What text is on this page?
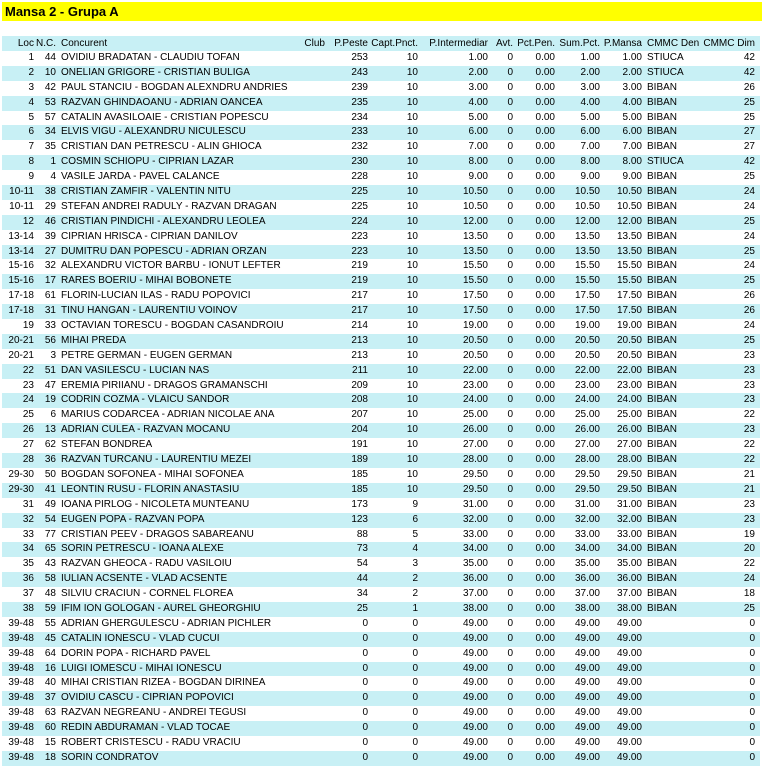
Mansa 2 - Grupa A
Loc N.C. Concurent	Club P.Peste Capt.Pnct.	P.Intermediar Avt. Pct.Pen. Sum.Pct. P.Mansa CMMC Den CMMC Dim
1	44 OVIDIU BRADATAN - CLAUDIU TOFAN	253	10	1.00	0	0.00	1.00	1.00 STIUCA	42
2	10 ONELIAN GRIGORE - CRISTIAN BULIGA	243	10	2.00	0	0.00	2.00	2.00 STIUCA	42
3	42 PAUL STANCIU - BOGDAN ALEXNDRU ANDRIES	239	10	3.00	0	0.00	3.00	3.00 BIBAN	26
4	53 RAZVAN GHINDAOANU - ADRIAN OANCEA	235	10	4.00	0	0.00	4.00	4.00 BIBAN	25
5	57 CATALIN AVASILOAIE - CRISTIAN POPESCU	234	10	5.00	0	0.00	5.00	5.00 BIBAN	25
6	34 ELVIS VIGU - ALEXANDRU NICULESCU	233	10	6.00	0	0.00	6.00	6.00 BIBAN	27
7	35 CRISTIAN DAN PETRESCU - ALIN GHIOCA	232	10	7.00	0	0.00	7.00	7.00 BIBAN	27
8	1 COSMIN SCHIOPU - CIPRIAN LAZAR	230	10	8.00	0	0.00	8.00	8.00 STIUCA	42
9	4 VASILE JARDA - PAVEL CALANCE	228	10	9.00	0	0.00	9.00	9.00 BIBAN	25
10-11	38 CRISTIAN ZAMFIR - VALENTIN NITU	225	10	10.50	0	0.00	10.50	10.50 BIBAN	24
10-11	29 STEFAN ANDREI RADULY - RAZVAN DRAGAN	225	10	10.50	0	0.00	10.50	10.50 BIBAN	24
12	46 CRISTIAN PINDICHI - ALEXANDRU LEOLEA	224	10	12.00	0	0.00	12.00	12.00 BIBAN	25
13-14	39 CIPRIAN HRISCA - CIPRIAN DANILOV	223	10	13.50	0	0.00	13.50	13.50 BIBAN	24
13-14	27 DUMITRU DAN POPESCU - ADRIAN ORZAN	223	10	13.50	0	0.00	13.50	13.50 BIBAN	25
15-16	32 ALEXANDRU VICTOR BARBU - IONUT LEFTER	219	10	15.50	0	0.00	15.50	15.50 BIBAN	24
15-16	17 RARES BOERIU - MIHAI BOBONETE	219	10	15.50	0	0.00	15.50	15.50 BIBAN	25
17-18	61 FLORIN-LUCIAN ILAS - RADU POPOVICI	217	10	17.50	0	0.00	17.50	17.50 BIBAN	26
17-18	31 TINU HANGAN - LAURENTIU VOINOV	217	10	17.50	0	0.00	17.50	17.50 BIBAN	26
19	33 OCTAVIAN TORESCU - BOGDAN CASANDROIU	214	10	19.00	0	0.00	19.00	19.00 BIBAN	24
20-21	56 MIHAI PREDA	213	10	20.50	0	0.00	20.50	20.50 BIBAN	25
20-21	3 PETRE GERMAN - EUGEN GERMAN	213	10	20.50	0	0.00	20.50	20.50 BIBAN	23
22	51 DAN VASILESCU - LUCIAN NAS	211	10	22.00	0	0.00	22.00	22.00 BIBAN	23
23	47 EREMIA PIRIIANU - DRAGOS GRAMANSCHI	209	10	23.00	0	0.00	23.00	23.00 BIBAN	23
24	19 CODRIN COZMA - VLAICU SANDOR	208	10	24.00	0	0.00	24.00	24.00 BIBAN	23
25	6 MARIUS CODARCEA - ADRIAN NICOLAE ANA	207	10	25.00	0	0.00	25.00	25.00 BIBAN	22
26	13 ADRIAN CULEA - RAZVAN MOCANU	204	10	26.00	0	0.00	26.00	26.00 BIBAN	23
27	62 STEFAN BONDREA	191	10	27.00	0	0.00	27.00	27.00 BIBAN	22
28	36 RAZVAN TURCANU - LAURENTIU MEZEI	189	10	28.00	0	0.00	28.00	28.00 BIBAN	22
29-30	50 BOGDAN SOFONEA - MIHAI SOFONEA	185	10	29.50	0	0.00	29.50	29.50 BIBAN	21
29-30	41 LEONTIN RUSU - FLORIN ANASTASIU	185	10	29.50	0	0.00	29.50	29.50 BIBAN	21
31	49 IOANA PIRLOG - NICOLETA MUNTEANU	173	9	31.00	0	0.00	31.00	31.00 BIBAN	23
32	54 EUGEN POPA - RAZVAN POPA	123	6	32.00	0	0.00	32.00	32.00 BIBAN	23
33	77 CRISTIAN PEEV - DRAGOS SABAREANU	88	5	33.00	0	0.00	33.00	33.00 BIBAN	19
34	65 SORIN PETRESCU - IOANA ALEXE	73	4	34.00	0	0.00	34.00	34.00 BIBAN	20
35	43 RAZVAN GHEOCA - RADU VASILOIU	54	3	35.00	0	0.00	35.00	35.00 BIBAN	22
36	58 IULIAN ACSENTE - VLAD ACSENTE	44	2	36.00	0	0.00	36.00	36.00 BIBAN	24
37	48 SILVIU CRACIUN - CORNEL FLOREA	34	2	37.00	0	0.00	37.00	37.00 BIBAN	18
38	59 IFIM ION GOLOGAN - AUREL GHEORGHIU	25	1	38.00	0	0.00	38.00	38.00 BIBAN	25
39-48	55 ADRIAN GHERGULESCU - ADRIAN PICHLER	0	0	49.00	0	0.00	49.00	49.00	0
39-48	45 CATALIN IONESCU - VLAD CUCUI	0	0	49.00	0	0.00	49.00	49.00	0
39-48	64 DORIN POPA - RICHARD PAVEL	0	0	49.00	0	0.00	49.00	49.00	0
39-48	16 LUIGI IOMESCU - MIHAI IONESCU	0	0	49.00	0	0.00	49.00	49.00	0
39-48	40 MIHAI CRISTIAN RIZEA - BOGDAN DIRINEA	0	0	49.00	0	0.00	49.00	49.00	0
39-48	37 OVIDIU CASCU - CIPRIAN POPOVICI	0	0	49.00	0	0.00	49.00	49.00	0
39-48	63 RAZVAN NEGREANU - ANDREI TEGUSI	0	0	49.00	0	0.00	49.00	49.00	0
39-48	60 REDIN ABDURAMAN - VLAD TOCAE	0	0	49.00	0	0.00	49.00	49.00	0
39-48	15 ROBERT CRISTESCU - RADU VRACIU	0	0	49.00	0	0.00	49.00	49.00	0
39-48	18 SORIN CONDRATOV	0	0	49.00	0	0.00	49.00	49.00	0
